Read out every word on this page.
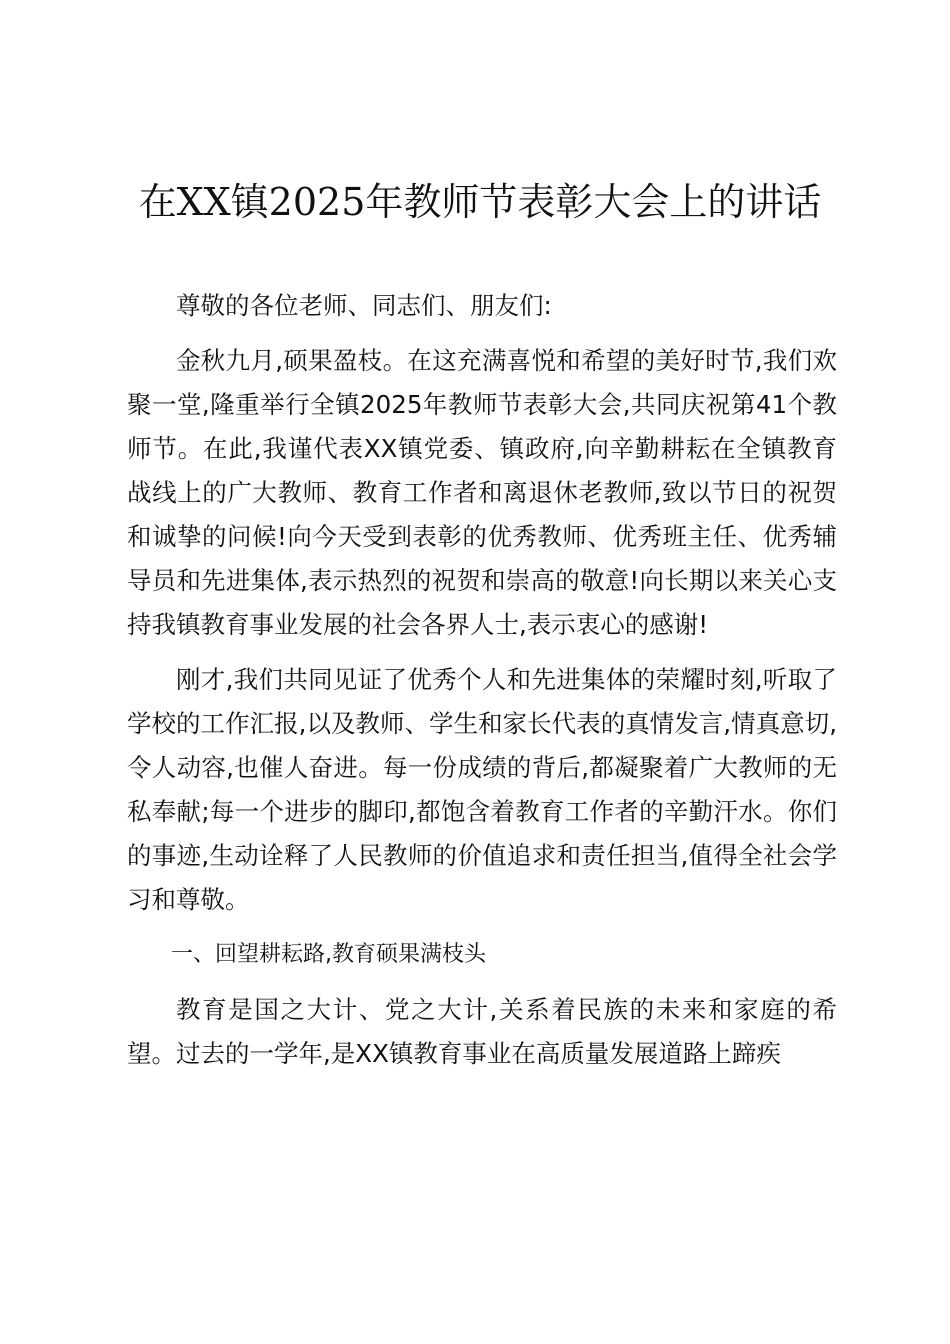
在XX镇2025年教师节表彰大会上的讲话

尊敬的各位老师、同志们、朋友们:

金秋九月,硕果盈枝。在这充满喜悦和希望的美好时节,我们欢聚一堂,隆重举行全镇2025年教师节表彰大会,共同庆祝第41个教师节。在此,我谨代表XX镇党委、镇政府,向辛勤耕耘在全镇教育战线上的广大教师、教育工作者和离退休老教师,致以节日的祝贺和诚挚的问候!向今天受到表彰的优秀教师、优秀班主任、优秀辅导员和先进集体,表示热烈的祝贺和崇高的敬意!向长期以来关心支持我镇教育事业发展的社会各界人士,表示衷心的感谢!

刚才,我们共同见证了优秀个人和先进集体的荣耀时刻,听取了学校的工作汇报,以及教师、学生和家长代表的真情发言,情真意切,令人动容,也催人奋进。每一份成绩的背后,都凝聚着广大教师的无私奉献;每一个进步的脚印,都饱含着教育工作者的辛勤汗水。你们的事迹,生动诠释了人民教师的价值追求和责任担当,值得全社会学习和尊敬。

一、回望耕耘路,教育硕果满枝头

教育是国之大计、党之大计,关系着民族的未来和家庭的希望。过去的一学年,是XX镇教育事业在高质量发展道路上蹄疾
